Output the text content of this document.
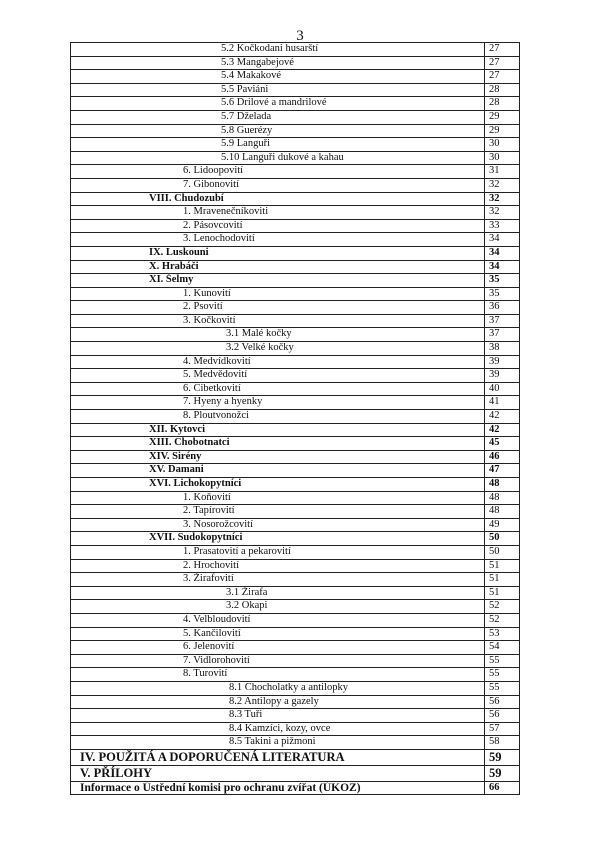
3
5.2 Kočkodani husarští	27
5.3 Mangabejové	27
5.4 Makakové	27
5.5 Paviáni	28
5.6 Drilové a mandrilové	28
5.7 Dželada	29
5.8 Guerézy	29
5.9 Languři	30
5.10 Languři dukové a kahau	30
6. Lidoopovití	31
7. Gibonovití	32
VIII. Chudozubí	32
1. Mravenečníkoviti	32
2. Pásovcovití	33
3. Lenochodovití	34
IX. Luskouni	34
X. Hrabáči	34
XI. Šelmy	35
1. Kunovití	35
2. Psovití	36
3. Kočkovití	37
3.1 Malé kočky	37
3.2 Velké kočky	38
4. Medvídkovití	39
5. Medvědovití	39
6. Cibetkovití	40
7. Hyeny a hyenky	41
8. Ploutvonožci	42
XII. Kytovci	42
XIII. Chobotnatci	45
XIV. Sirény	46
XV. Damani	47
XVI. Lichokopytníci	48
1. Koňovití	48
2. Tapírovití	48
3. Nosorožcovití	49
XVII. Sudokopytníci	50
1. Prasatovití a pekarovití	50
2. Hrochovití	51
3. Žirafovití	51
3.1 Žirafa	51
3.2 Okapi	52
4. Velbloudovití	52
5. Kančilovití	53
6. Jelenovití	54
7. Vidlorohovití	55
8. Turovití	55
8.1 Chocholatky a antilopky	55
8.2 Antilopy a gazely	56
8.3 Tuři	56
8.4 Kamzíci, kozy, ovce	57
8.5 Takini a pižmoni	58
IV. POUŽITÁ A DOPORUČENÁ LITERATURA	59
V. PŘÍLOHY	59
Informace o Ústřední komisi pro ochranu zvířat (ÚKOZ)	66
